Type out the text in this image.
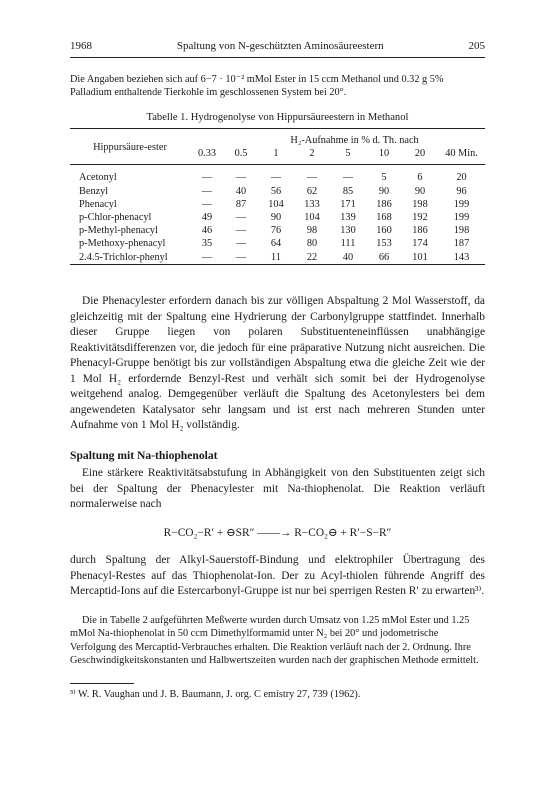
1968	Spaltung von N-geschützten Aminosäureestern	205
Die Angaben beziehen sich auf 6−7 · 10⁻² mMol Ester in 15 ccm Methanol und 0.32 g 5% Palladium enthaltende Tierkohle im geschlossenen System bei 20°.
Tabelle 1. Hydrogenolyse von Hippursäureestern in Methanol

Hippursäure-ester		H₂-Aufnahme in % d. Th. nach						
	0.33	0.5	1	2	5	10	20	40 Min.

Acetonyl	—	—	—	—	—	5	6	20
Benzyl	—	40	56	62	85	90	90	96
Phenacyl	—	87	104	133	171	186	198	199
p-Chlor-phenacyl	49	—	90	104	139	168	192	199
p-Methyl-phenacyl	46	—	76	98	130	160	186	198
p-Methoxy-phenacyl	35	—	64	80	111	153	174	187
2.4.5-Trichlor-phenyl	—	—	11	22	40	66	101	143

Die Phenacylester erfordern danach bis zur völligen Abspaltung 2 Mol Wasserstoff, da gleichzeitig mit der Spaltung eine Hydrierung der Carbonylgruppe stattfindet. Innerhalb dieser Gruppe liegen von polaren Substituenteneinflüssen unabhängige Reaktivitätsdifferenzen vor, die jedoch für eine präparative Nutzung nicht ausreichen. Die Phenacyl-Gruppe benötigt bis zur vollständigen Abspaltung etwa die gleiche Zeit wie der 1 Mol H₂ erfordernde Benzyl-Rest und verhält sich somit bei der Hydrogenolyse weitgehend analog. Demgegenüber verläuft die Spaltung des Acetonylesters bei dem angewendeten Katalysator sehr langsam und ist erst nach mehreren Stunden unter Aufnahme von 1 Mol H₂ vollständig.
Spaltung mit Na-thiophenolat
Eine stärkere Reaktivitätsabstufung in Abhängigkeit von den Substituenten zeigt sich bei der Spaltung der Phenacylester mit Na-thiophenolat. Die Reaktion verläuft normalerweise nach
R−CO₂−R′ + ⊖SR″ ——→ R−CO₂⊖ + R′−S−R″
durch Spaltung der Alkyl-Sauerstoff-Bindung und elektrophiler Übertragung des Phenacyl-Restes auf das Thiophenolat-Ion. Der zu Acyl-thiolen führende Angriff des Mercaptid-Ions auf die Estercarbonyl-Gruppe ist nur bei sperrigen Resten R′ zu erwarten³⁾.
Die in Tabelle 2 aufgeführten Meßwerte wurden durch Umsatz von 1.25 mMol Ester und 1.25 mMol Na-thiophenolat in 50 ccm Dimethylformamid unter N₂ bei 20° und jodometrische Verfolgung des Mercaptid-Verbrauches erhalten. Die Reaktion verläuft nach der 2. Ordnung. Ihre Geschwindigkeitskonstanten und Halbwertszeiten wurden nach der graphischen Methode ermittelt.
³⁾ W. R. Vaughan und J. B. Baumann, J. org. C emistry 27, 739 (1962).
